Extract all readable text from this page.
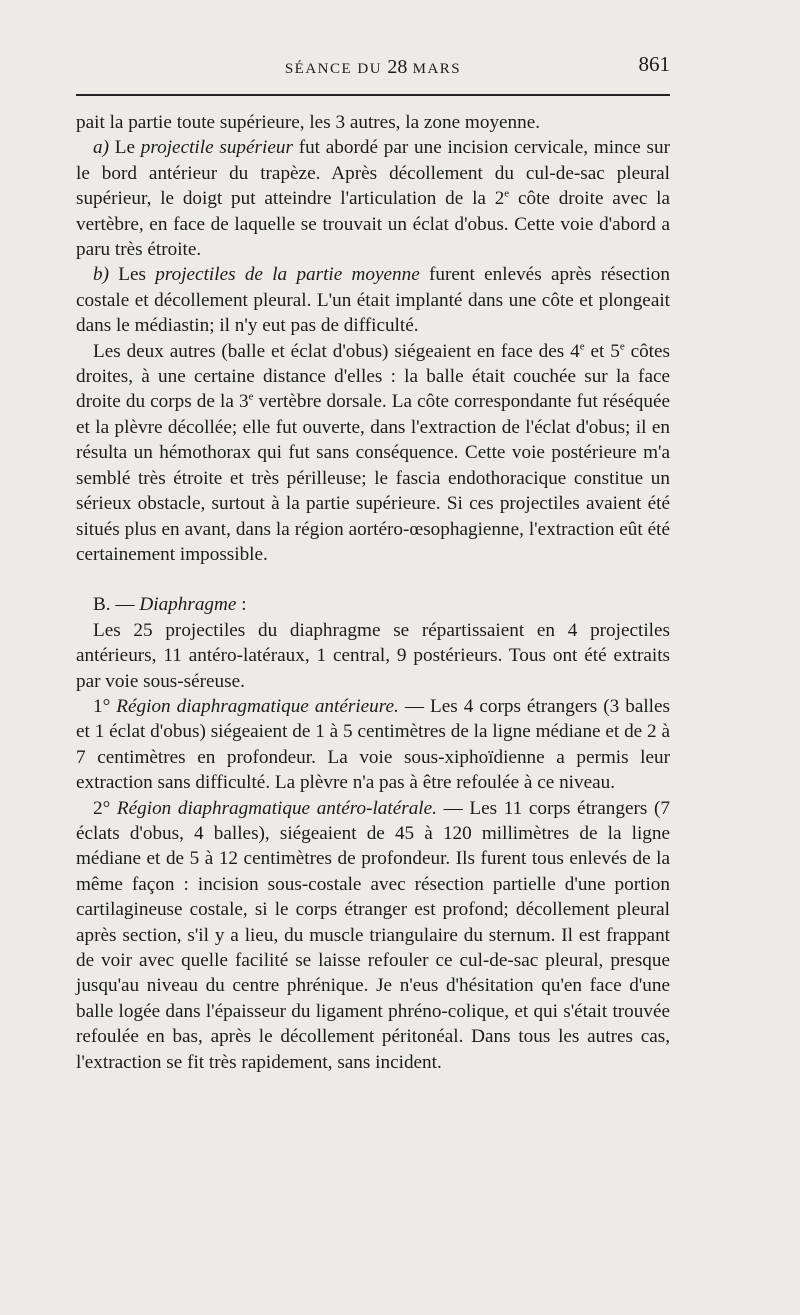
SÉANCE DU 28 MARS	861

pait la partie toute supérieure, les 3 autres, la zone moyenne.

a) Le projectile supérieur fut abordé par une incision cervicale, mince sur le bord antérieur du trapèze. Après décollement du cul-de-sac pleural supérieur, le doigt put atteindre l'articulation de la 2e côte droite avec la vertèbre, en face de laquelle se trouvait un éclat d'obus. Cette voie d'abord a paru très étroite.

b) Les projectiles de la partie moyenne furent enlevés après résection costale et décollement pleural. L'un était implanté dans une côte et plongeait dans le médiastin; il n'y eut pas de difficulté.

Les deux autres (balle et éclat d'obus) siégeaient en face des 4e et 5e côtes droites, à une certaine distance d'elles : la balle était couchée sur la face droite du corps de la 3e vertèbre dorsale. La côte correspondante fut réséquée et la plèvre décollée; elle fut ouverte, dans l'extraction de l'éclat d'obus; il en résulta un hémothorax qui fut sans conséquence. Cette voie postérieure m'a semblé très étroite et très périlleuse; le fascia endothoracique constitue un sérieux obstacle, surtout à la partie supérieure. Si ces projectiles avaient été situés plus en avant, dans la région aortéro-œsophagienne, l'extraction eût été certainement impossible.

B. — Diaphragme :

Les 25 projectiles du diaphragme se répartissaient en 4 projectiles antérieurs, 11 antéro-latéraux, 1 central, 9 postérieurs. Tous ont été extraits par voie sous-séreuse.

1° Région diaphragmatique antérieure. — Les 4 corps étrangers (3 balles et 1 éclat d'obus) siégeaient de 1 à 5 centimètres de la ligne médiane et de 2 à 7 centimètres en profondeur. La voie sous-xiphoïdienne a permis leur extraction sans difficulté. La plèvre n'a pas à être refoulée à ce niveau.

2° Région diaphragmatique antéro-latérale. — Les 11 corps étrangers (7 éclats d'obus, 4 balles), siégeaient de 45 à 120 millimètres de la ligne médiane et de 5 à 12 centimètres de profondeur. Ils furent tous enlevés de la même façon : incision sous-costale avec résection partielle d'une portion cartilagineuse costale, si le corps étranger est profond; décollement pleural après section, s'il y a lieu, du muscle triangulaire du sternum. Il est frappant de voir avec quelle facilité se laisse refouler ce cul-de-sac pleural, presque jusqu'au niveau du centre phrénique. Je n'eus d'hésitation qu'en face d'une balle logée dans l'épaisseur du ligament phréno-colique, et qui s'était trouvée refoulée en bas, après le décollement péritonéal. Dans tous les autres cas, l'extraction se fit très rapidement, sans incident.
